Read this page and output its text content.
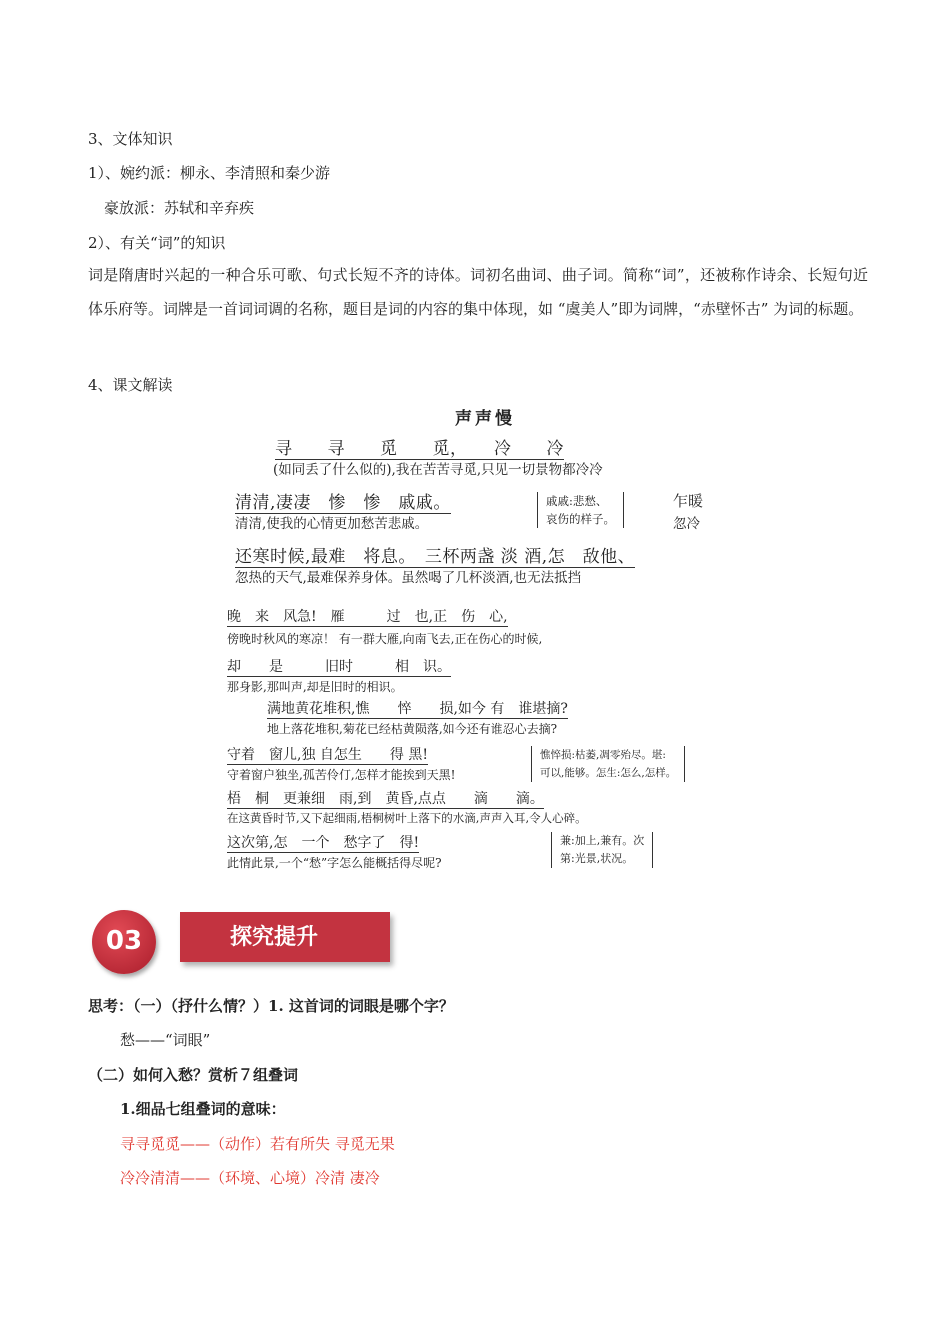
3、文体知识
1）、婉约派：柳永、李清照和秦少游
豪放派：苏轼和辛弃疾
2）、有关“词”的知识
词是隋唐时兴起的一种合乐可歌、句式长短不齐的诗体。词初名曲词、曲子词。简称“词”，还被称作诗余、长短句近体乐府等。词牌是一首词词调的名称，题目是词的内容的集中体现，如 “虞美人”即为词牌，“赤壁怀古” 为词的标题。
4、课文解读
声声慢
寻　　寻　　觅　　觅，　　冷　　冷
(如同丢了什么似的),我在苦苦寻觅,只见一切景物都冷冷
清清,凄凄　惨　惨　戚戚。
清清,使我的心情更加愁苦悲戚。
戚戚:悲愁、
哀伤的样子。
乍暖
忽冷
还寒时候,最难　将息。　三杯两盏 淡 酒,怎　敌他、
忽热的天气,最难保养身体。虽然喝了几杯淡酒,也无法抵挡
晚　来　风急!　雁　　　过　也,正　伤　心,
傍晚时秋风的寒凉！ 有一群大雁,向南飞去,正在伤心的时候,
却　　是　　　旧时　　　相　识。
那身影,那叫声,却是旧时的相识。
满地黄花堆积,憔　　悴　　损,如今 有　谁堪摘?
地上落花堆积,菊花已经枯黄陨落,如今还有谁忍心去摘?
守着　窗儿,独 自怎生　　得 黑!
守着窗户独坐,孤苦伶仃,怎样才能挨到天黑!
憔悴损:枯萎,凋零殆尽。堪:
可以,能够。怎生:怎么,怎样。
梧　桐　更兼细　雨,到　黄昏,点点　　滴　　滴。
在这黄昏时节,又下起细雨,梧桐树叶上落下的水滴,声声入耳,令人心碎。
这次第,怎　一个　愁字了　得!
此情此景,一个“愁”字怎么能概括得尽呢?
兼:加上,兼有。次
第:光景,状况。
探究提升
03
思考：（一）（抒什么情？）1. 这首词的词眼是哪个字？
愁——“词眼”
（二）如何入愁？赏析７组叠词
1.细品七组叠词的意味：
寻寻觅觅——（动作）若有所失 寻觅无果
冷冷清清——（环境、心境）冷清 凄冷
